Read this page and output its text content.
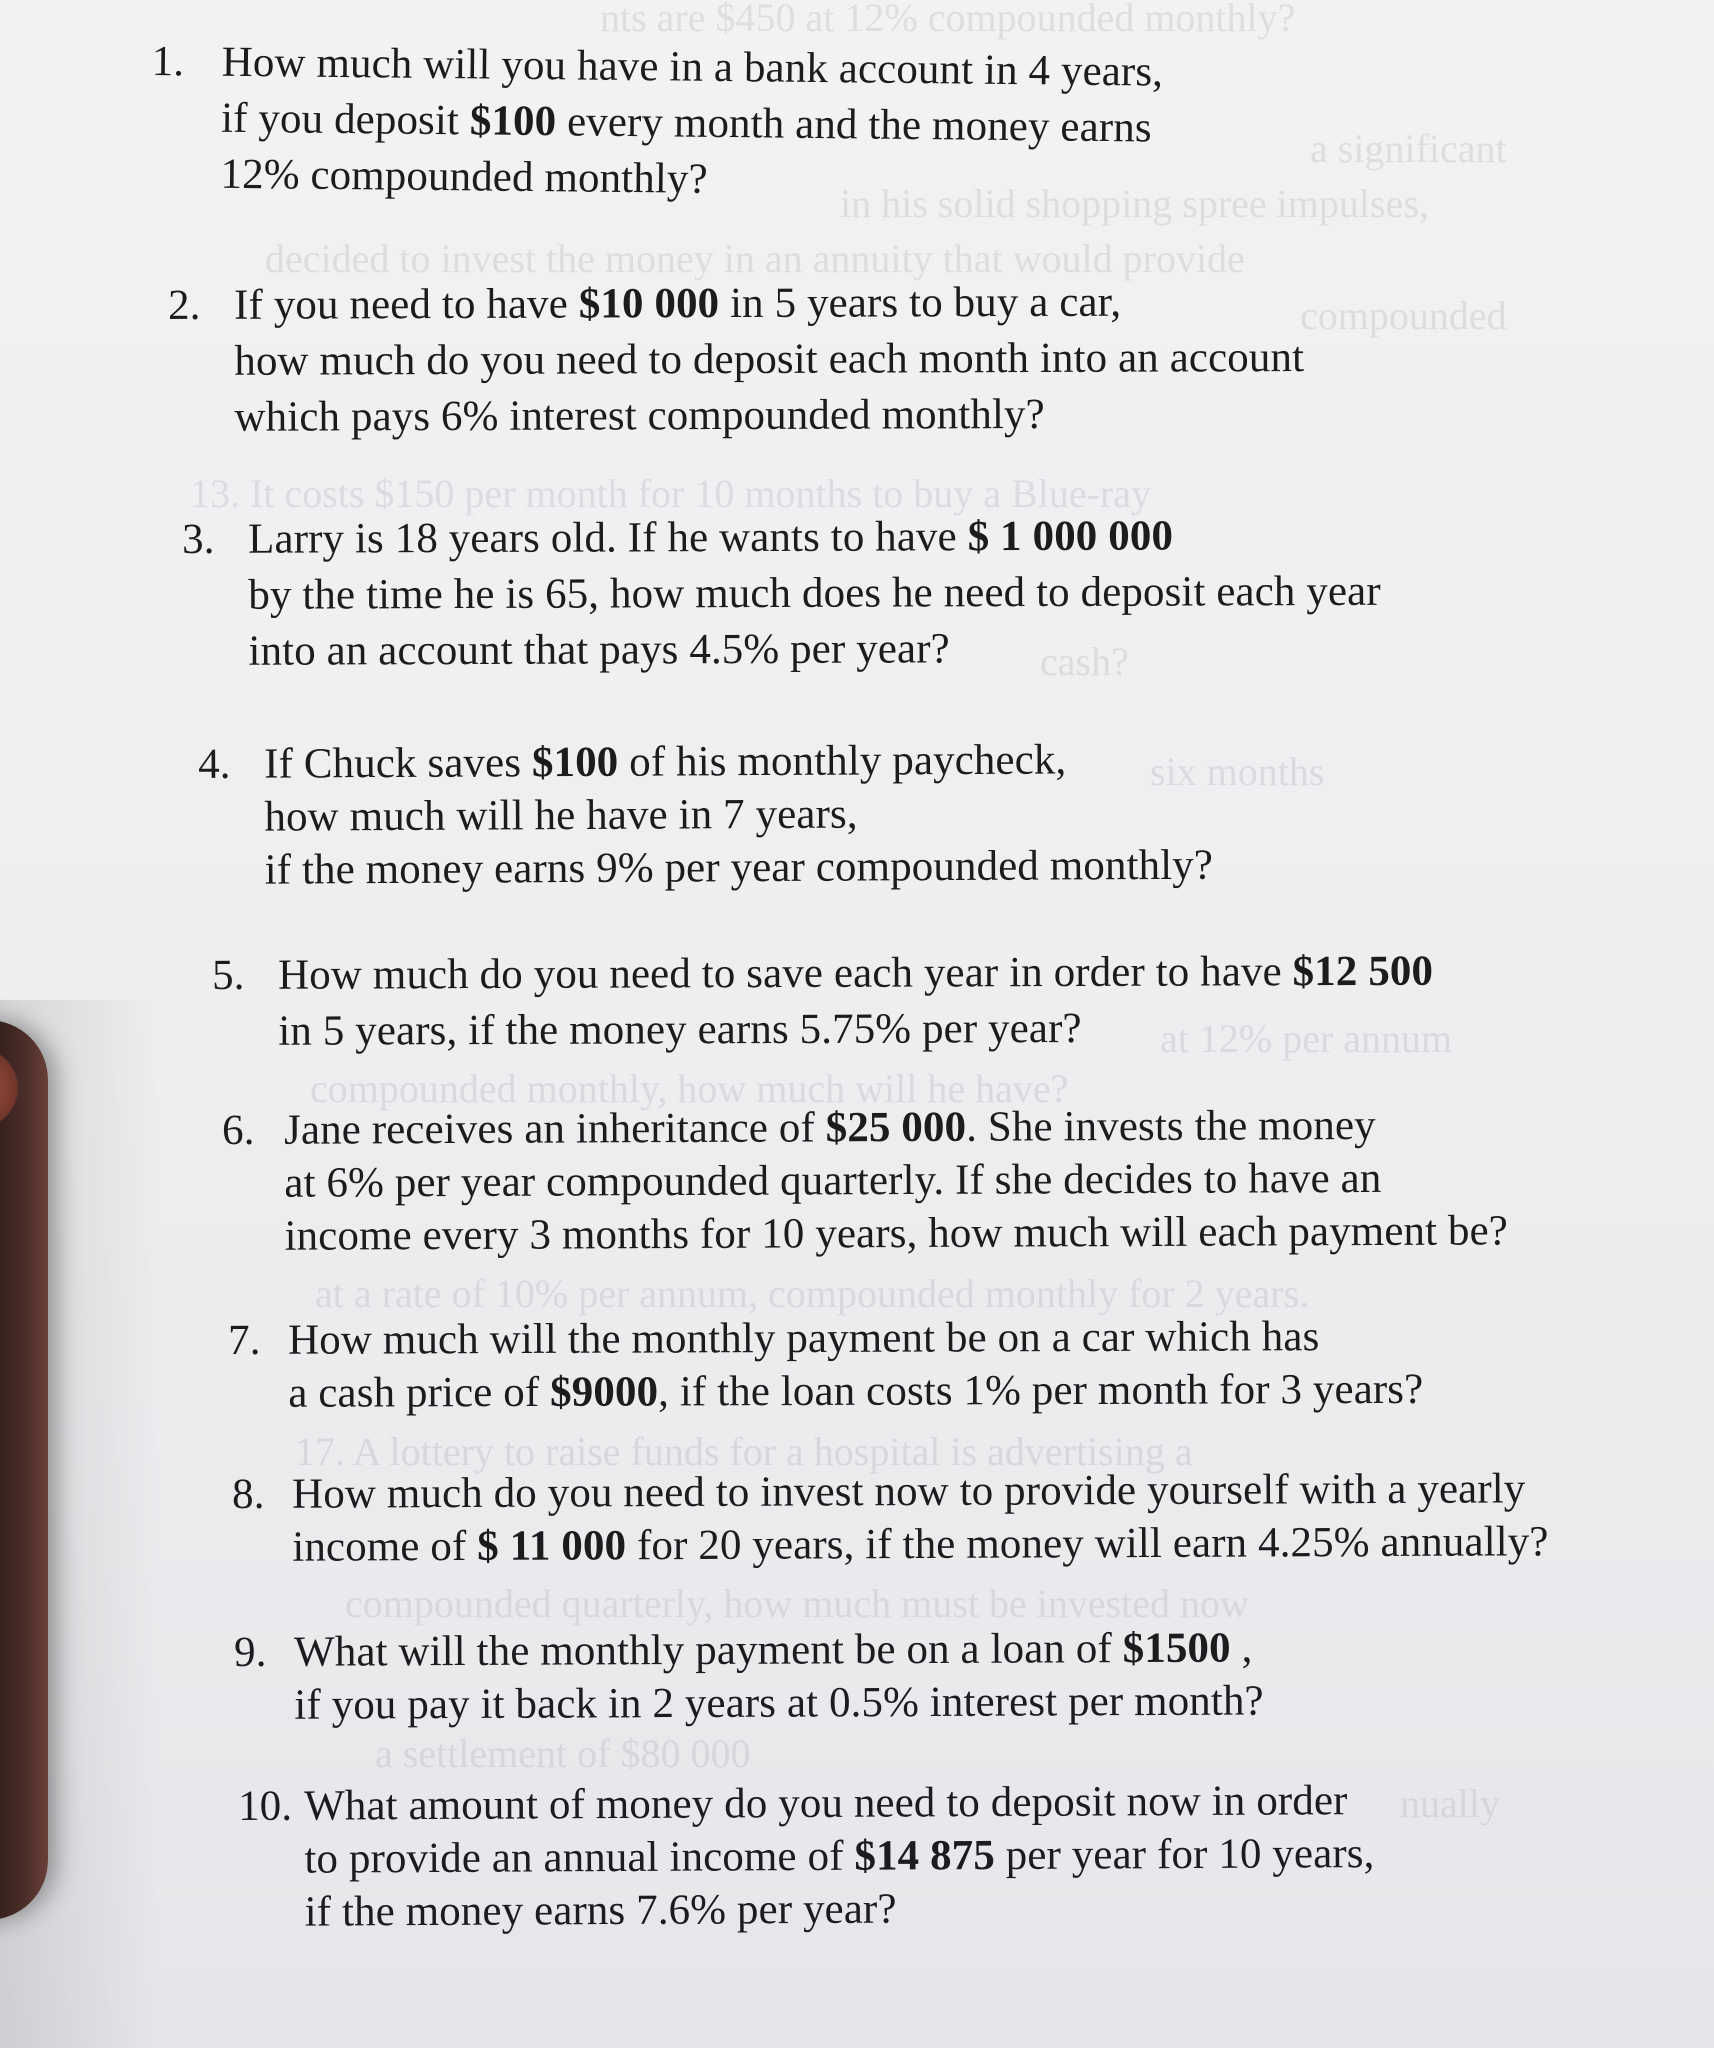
nts are $450 at 12% compounded monthly?
a significant
in his solid shopping spree impulses,
decided to invest the money in an annuity that would provide
compounded
13. It costs $150 per month for 10 months to buy a Blue-ray
cash?
six months
at 12% per annum
compounded monthly, how much will he have?
at a rate of 10% per annum, compounded monthly for 2 years.
17. A lottery to raise funds for a hospital is advertising a
compounded quarterly, how much must be invested now
a settlement of $80 000
nually
1. How much will you have in a bank account in 4 years,
if you deposit $100 every month and the money earns
12% compounded monthly?
2. If you need to have $10 000 in 5 years to buy a car,
how much do you need to deposit each month into an account
which pays 6% interest compounded monthly?
3. Larry is 18 years old. If he wants to have $ 1 000 000
by the time he is 65, how much does he need to deposit each year
into an account that pays 4.5% per year?
4. If Chuck saves $100 of his monthly paycheck,
how much will he have in 7 years,
if the money earns 9% per year compounded monthly?
5. How much do you need to save each year in order to have $12 500
in 5 years, if the money earns 5.75% per year?
6. Jane receives an inheritance of $25 000. She invests the money
at 6% per year compounded quarterly. If she decides to have an
income every 3 months for 10 years, how much will each payment be?
7. How much will the monthly payment be on a car which has
a cash price of $9000, if the loan costs 1% per month for 3 years?
8. How much do you need to invest now to provide yourself with a yearly
income of $ 11 000 for 20 years, if the money will earn 4.25% annually?
9. What will the monthly payment be on a loan of $1500 ,
if you pay it back in 2 years at 0.5% interest per month?
10. What amount of money do you need to deposit now in order
to provide an annual income of $14 875 per year for 10 years,
if the money earns 7.6% per year?
